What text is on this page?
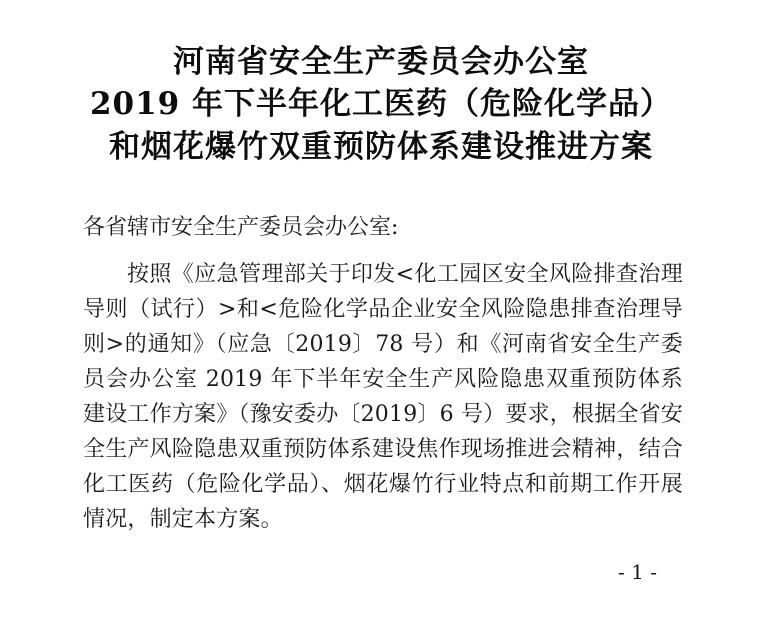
河南省安全生产委员会办公室
2019 年下半年化工医药（危险化学品）
和烟花爆竹双重预防体系建设推进方案
各省辖市安全生产委员会办公室:
按照《应急管理部关于印发<化工园区安全风险排查治理导则（试行）>和<危险化学品企业安全风险隐患排查治理导则>的通知》（应急〔2019〕78 号）和《河南省安全生产委员会办公室 2019 年下半年安全生产风险隐患双重预防体系建设工作方案》（豫安委办〔2019〕6 号）要求，根据全省安全生产风险隐患双重预防体系建设焦作现场推进会精神，结合化工医药（危险化学品）、烟花爆竹行业特点和前期工作开展情况，制定本方案。
- 1 -
